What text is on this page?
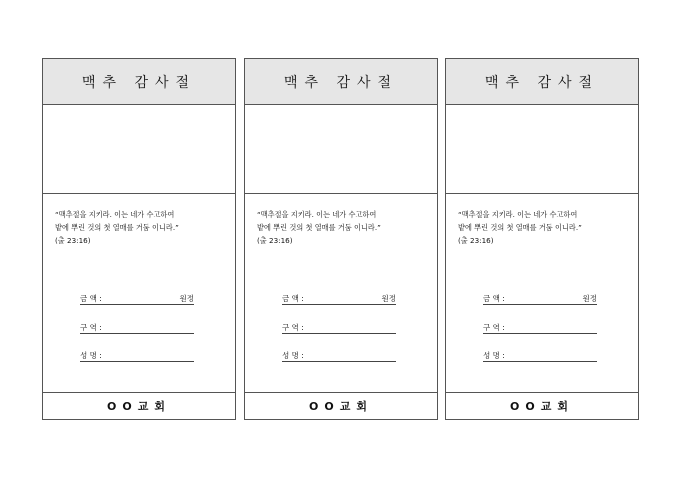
맥추 감사절
“맥추절을 지키라. 이는 네가 수고하여
밭에 뿌린 것의 첫 열매를 거둠 이니라.”
(출 23:16)
금 액 :	원정
구 역 :
성 명 :
OO교회
맥추 감사절
“맥추절을 지키라. 이는 네가 수고하여
밭에 뿌린 것의 첫 열매를 거둠 이니라.”
(출 23:16)
금 액 :	원정
구 역 :
성 명 :
OO교회
맥추 감사절
“맥추절을 지키라. 이는 네가 수고하여
밭에 뿌린 것의 첫 열매를 거둠 이니라.”
(출 23:16)
금 액 :	원정
구 역 :
성 명 :
OO교회
